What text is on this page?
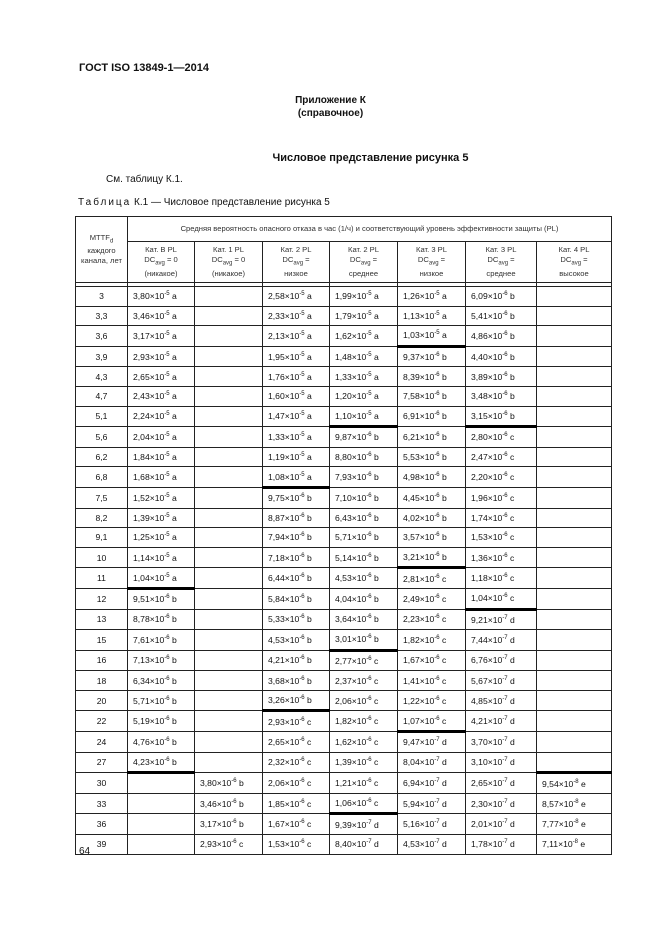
ГОСТ ISO 13849-1—2014
Приложение К
(справочное)
Числовое представление рисунка 5
См. таблицу К.1.
Таблица К.1 — Числовое представление рисунка 5
$MTTF_d$
каждого канала, лет	Средняя вероятность опасного отказа в час (1/ч) и соответствующий уровень эффективности защиты (PL)						
	Кат. B PL
$DC_{avg} = 0$
(никакое)	Кат. 1 PL
$DC_{avg} = 0$
(никакое)	Кат. 2 PL
$DC_{avg}$ =
низкое	Кат. 2 PL
$DC_{avg}$ =
среднее	Кат. 3 PL
$DC_{avg}$ =
низкое	Кат. 3 PL
$DC_{avg}$ =
среднее	Кат. 4 PL
$DC_{avg}$ =
высокое

3	$3,80\times 10^{-5}$ a		$2,58\times 10^{-5}$ a	$1,99\times 10^{-5}$ a	$1,26\times 10^{-5}$ a	$6,09\times 10^{-6}$ b	
3,3	$3,46\times 10^{-5}$ a		$2,33\times 10^{-5}$ a	$1,79\times 10^{-5}$ a	$1,13\times 10^{-5}$ a	$5,41\times 10^{-6}$ b	
3,6	$3,17\times 10^{-5}$ a		$2,13\times 10^{-5}$ a	$1,62\times 10^{-5}$ a	$1,03\times 10^{-5}$ a	$4,86\times 10^{-6}$ b	
3,9	$2,93\times 10^{-5}$ a		$1,95\times 10^{-5}$ a	$1,48\times 10^{-5}$ a	$9,37\times 10^{-6}$ b	$4,40\times 10^{-6}$ b	
4,3	$2,65\times 10^{-5}$ a		$1,76\times 10^{-5}$ a	$1,33\times 10^{-5}$ a	$8,39\times 10^{-6}$ b	$3,89\times 10^{-6}$ b	
4,7	$2,43\times 10^{-5}$ a		$1,60\times 10^{-5}$ a	$1,20\times 10^{-5}$ a	$7,58\times 10^{-6}$ b	$3,48\times 10^{-6}$ b	
5,1	$2,24\times 10^{-5}$ a		$1,47\times 10^{-5}$ a	$1,10\times 10^{-5}$ a	$6,91\times 10^{-6}$ b	$3,15\times 10^{-6}$ b	
5,6	$2,04\times 10^{-5}$ a		$1,33\times 10^{-5}$ a	$9,87\times 10^{-6}$ b	$6,21\times 10^{-6}$ b	$2,80\times 10^{-6}$ c	
6,2	$1,84\times 10^{-5}$ a		$1,19\times 10^{-5}$ a	$8,80\times 10^{-6}$ b	$5,53\times 10^{-6}$ b	$2,47\times 10^{-6}$ c	
6,8	$1,68\times 10^{-5}$ a		$1,08\times 10^{-5}$ a	$7,93\times 10^{-6}$ b	$4,98\times 10^{-6}$ b	$2,20\times 10^{-6}$ c	
7,5	$1,52\times 10^{-5}$ a		$9,75\times 10^{-6}$ b	$7,10\times 10^{-6}$ b	$4,45\times 10^{-6}$ b	$1,96\times 10^{-6}$ c	
8,2	$1,39\times 10^{-5}$ a		$8,87\times 10^{-6}$ b	$6,43\times 10^{-6}$ b	$4,02\times 10^{-6}$ b	$1,74\times 10^{-6}$ c	
9,1	$1,25\times 10^{-5}$ a		$7,94\times 10^{-6}$ b	$5,71\times 10^{-6}$ b	$3,57\times 10^{-6}$ b	$1,53\times 10^{-6}$ c	
10	$1,14\times 10^{-5}$ a		$7,18\times 10^{-6}$ b	$5,14\times 10^{-6}$ b	$3,21\times 10^{-6}$ b	$1,36\times 10^{-6}$ c	
11	$1,04\times 10^{-5}$ a		$6,44\times 10^{-6}$ b	$4,53\times 10^{-6}$ b	$2,81\times 10^{-6}$ c	$1,18\times 10^{-6}$ c	
12	$9,51\times 10^{-6}$ b		$5,84\times 10^{-6}$ b	$4,04\times 10^{-6}$ b	$2,49\times 10^{-6}$ c	$1,04\times 10^{-6}$ c	
13	$8,78\times 10^{-6}$ b		$5,33\times 10^{-6}$ b	$3,64\times 10^{-6}$ b	$2,23\times 10^{-6}$ c	$9,21\times 10^{-7}$ d	
15	$7,61\times 10^{-6}$ b		$4,53\times 10^{-6}$ b	$3,01\times 10^{-6}$ b	$1,82\times 10^{-6}$ c	$7,44\times 10^{-7}$ d	
16	$7,13\times 10^{-6}$ b		$4,21\times 10^{-6}$ b	$2,77\times 10^{-6}$ c	$1,67\times 10^{-6}$ c	$6,76\times 10^{-7}$ d	
18	$6,34\times 10^{-6}$ b		$3,68\times 10^{-6}$ b	$2,37\times 10^{-6}$ c	$1,41\times 10^{-6}$ c	$5,67\times 10^{-7}$ d	
20	$5,71\times 10^{-6}$ b		$3,26\times 10^{-6}$ b	$2,06\times 10^{-6}$ c	$1,22\times 10^{-6}$ c	$4,85\times 10^{-7}$ d	
22	$5,19\times 10^{-6}$ b		$2,93\times 10^{-6}$ c	$1,82\times 10^{-6}$ c	$1,07\times 10^{-6}$ c	$4,21\times 10^{-7}$ d	
24	$4,76\times 10^{-6}$ b		$2,65\times 10^{-6}$ c	$1,62\times 10^{-6}$ c	$9,47\times 10^{-7}$ d	$3,70\times 10^{-7}$ d	
27	$4,23\times 10^{-6}$ b		$2,32\times 10^{-6}$ c	$1,39\times 10^{-6}$ c	$8,04\times 10^{-7}$ d	$3,10\times 10^{-7}$ d	
30		$3,80\times 10^{-6}$ b	$2,06\times 10^{-6}$ c	$1,21\times 10^{-6}$ c	$6,94\times 10^{-7}$ d	$2,65\times 10^{-7}$ d	$9,54\times 10^{-8}$ e
33		$3,46\times 10^{-6}$ b	$1,85\times 10^{-6}$ c	$1,06\times 10^{-6}$ c	$5,94\times 10^{-7}$ d	$2,30\times 10^{-7}$ d	$8,57\times 10^{-8}$ e
36		$3,17\times 10^{-6}$ b	$1,67\times 10^{-6}$ c	$9,39\times 10^{-7}$ d	$5,16\times 10^{-7}$ d	$2,01\times 10^{-7}$ d	$7,77\times 10^{-8}$ e
39		$2,93\times 10^{-6}$ c	$1,53\times 10^{-6}$ c	$8,40\times 10^{-7}$ d	$4,53\times 10^{-7}$ d	$1,78\times 10^{-7}$ d	$7,11\times 10^{-8}$ e
64
